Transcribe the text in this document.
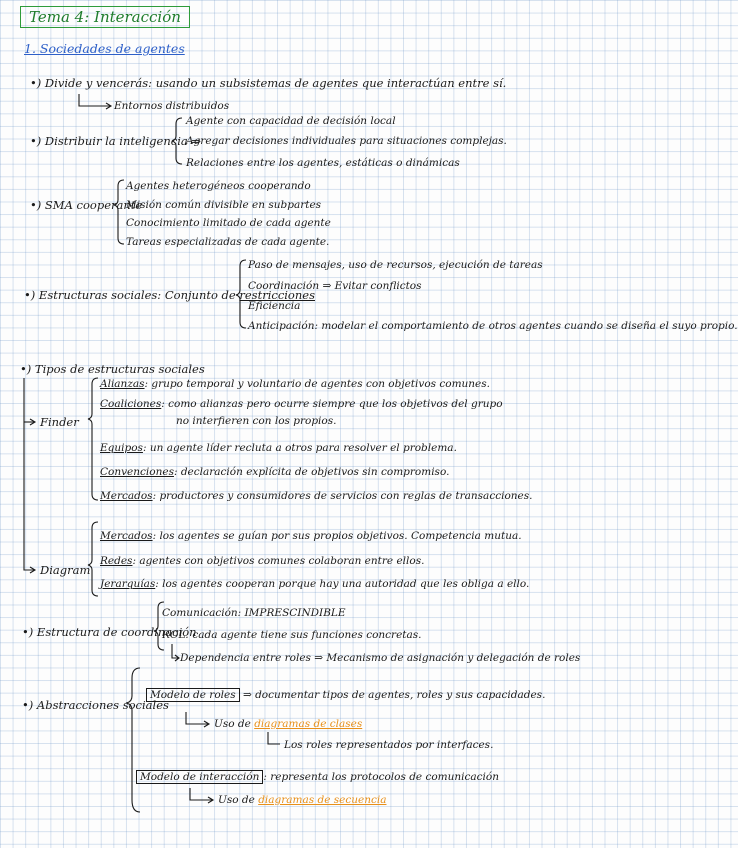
Tema 4: Interacción
1. Sociedades de agentes
•) Divide y vencerás: usando un subsistemas de agentes que interactúan entre sí.
Entornos distribuidos
•) Distribuir la inteligencia ⇒
Agente con capacidad de decisión local
Agregar decisiones individuales para situaciones complejas.
Relaciones entre los agentes, estáticas o dinámicas
•) SMA cooperante
Agentes heterogéneos cooperando
Misión común divisible en subpartes
Conocimiento limitado de cada agente
Tareas especializadas de cada agente.
•) Estructuras sociales: Conjunto de restricciones
Paso de mensajes, uso de recursos, ejecución de tareas
Coordinación ⇒ Evitar conflictos
Eficiencia
Anticipación: modelar el comportamiento de otros agentes cuando se diseña el suyo propio.
•) Tipos de estructuras sociales
Finder
Alianzas: grupo temporal y voluntario de agentes con objetivos comunes.
Coaliciones: como alianzas pero ocurre siempre que los objetivos del grupo
no interfieren con los propios.
Equipos: un agente líder recluta a otros para resolver el problema.
Convenciones: declaración explícita de objetivos sin compromiso.
Mercados: productores y consumidores de servicios con reglas de transacciones.
Diagram
Mercados: los agentes se guían por sus propios objetivos. Competencia mutua.
Redes: agentes con objetivos comunes colaboran entre ellos.
Jerarquías: los agentes cooperan porque hay una autoridad que les obliga a ello.
•) Estructura de coordinación
Comunicación: IMPRESCINDIBLE
ROL: cada agente tiene sus funciones concretas.
Dependencia entre roles ⇒ Mecanismo de asignación y delegación de roles
•) Abstracciones sociales
Modelo de roles ⇒ documentar tipos de agentes, roles y sus capacidades.
Uso de diagramas de clases
Los roles representados por interfaces.
Modelo de interacción : representa los protocolos de comunicación
Uso de diagramas de secuencia
